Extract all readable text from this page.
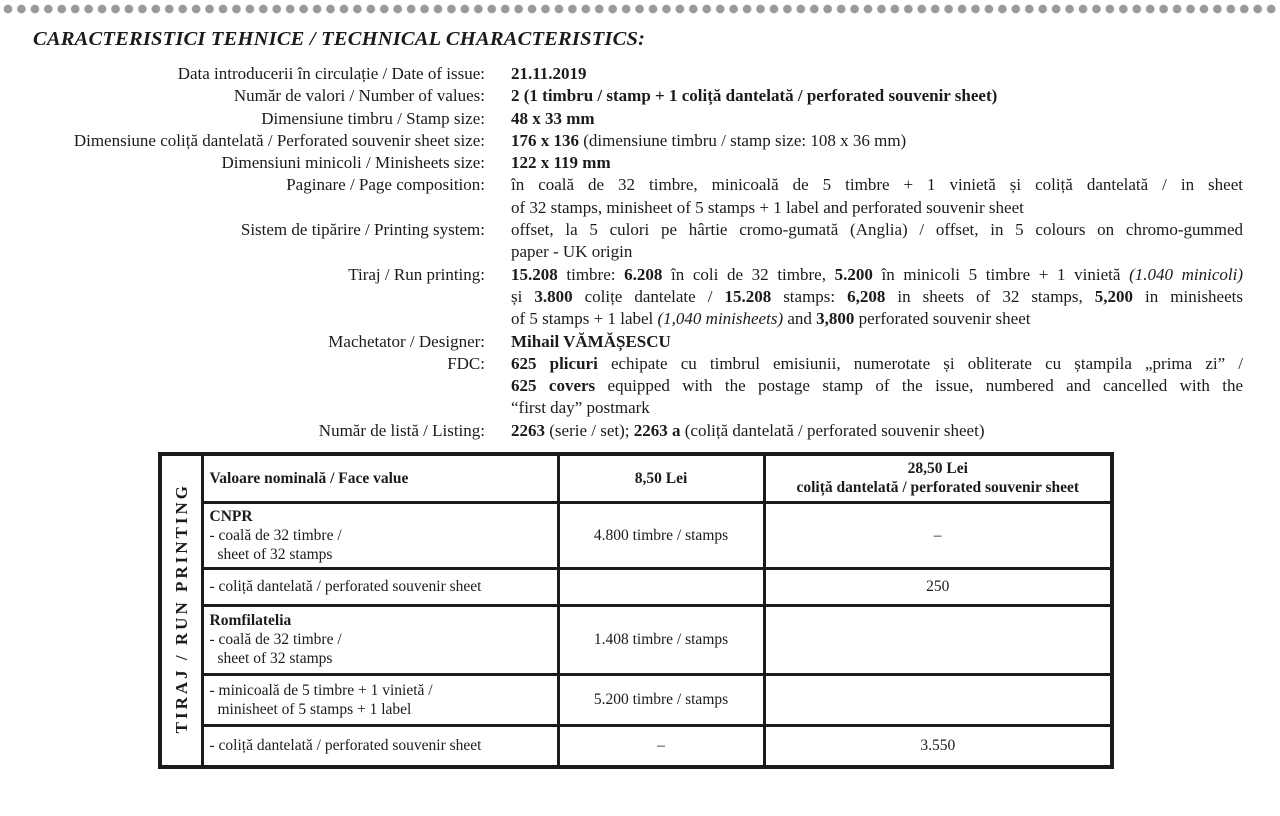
CARACTERISTICI TEHNICE / TECHNICAL CHARACTERISTICS:
Data introducerii în circulație / Date of issue: 21.11.2019
Număr de valori / Number of values: 2 (1 timbru / stamp + 1 coliță dantelată / perforated souvenir sheet)
Dimensiune timbru / Stamp size: 48 x 33 mm
Dimensiune coliță dantelată / Perforated souvenir sheet size: 176 x 136 (dimensiune timbru / stamp size: 108 x 36 mm)
Dimensiuni minicoli / Minisheets size: 122 x 119 mm
Paginare / Page composition: în coală de 32 timbre, minicoală de 5 timbre + 1 vinietă și coliță dantelată / in sheet
of 32 stamps, minisheet of 5 stamps + 1 label and perforated souvenir sheet
Sistem de tipărire / Printing system: offset, la 5 culori pe hârtie cromo-gumată (Anglia) / offset, in 5 colours on chromo-gummed
paper - UK origin
Tiraj / Run printing: 15.208 timbre: 6.208 în coli de 32 timbre, 5.200 în minicoli 5 timbre + 1 vinietă (1.040 minicoli)
și 3.800 colițe dantelate / 15.208 stamps: 6,208 in sheets of 32 stamps, 5,200 in minisheets
of 5 stamps + 1 label (1,040 minisheets) and 3,800 perforated souvenir sheet
Machetator / Designer: Mihail VĂMĂȘESCU
FDC: 625 plicuri echipate cu timbrul emisiunii, numerotate și obliterate cu ștampila „prima zi” /
625 covers equipped with the postage stamp of the issue, numbered and cancelled with the
“first day” postmark
Număr de listă / Listing: 2263 (serie / set); 2263 a (coliță dantelată / perforated souvenir sheet)
TIRAJ / RUN PRINTING	Valoare nominală / Face value	8,50 Lei	28,50 Lei
coliță dantelată / perforated souvenir sheet

	CNPR
- coală de 32 timbre /
sheet of 32 stamps	4.800 timbre / stamps	–

	- coliță dantelată / perforated souvenir sheet		250

	Romfilatelia
- coală de 32 timbre /
sheet of 32 stamps	1.408 timbre / stamps	

	- minicoală de 5 timbre + 1 vinietă /
minisheet of 5 stamps + 1 label	5.200 timbre / stamps	

	- coliță dantelată / perforated souvenir sheet	–	3.550
